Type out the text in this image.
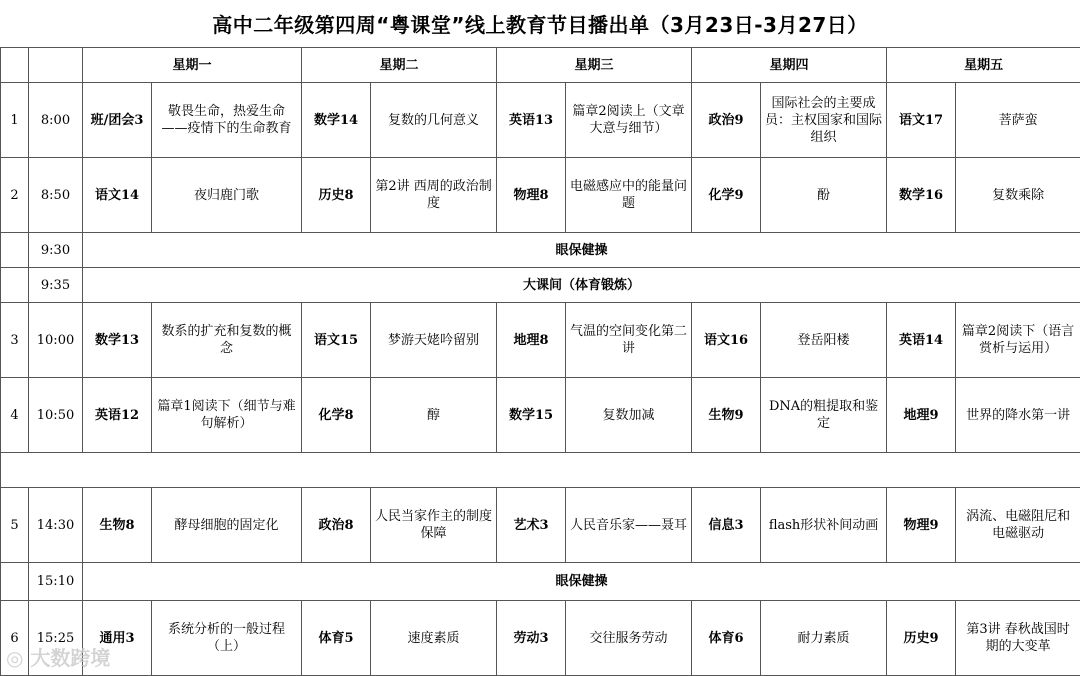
高中二年级第四周“粤课堂”线上教育节目播出单（3月23日-3月27日）
		星期一		星期二		星期三		星期四		星期五	
1	8:00	班/团会3	敬畏生命，热爱生命——疫情下的生命教育	数学14	复数的几何意义	英语13	篇章2阅读上（文章大意与细节）	政治9	国际社会的主要成员：主权国家和国际组织	语文17	菩萨蛮
2	8:50	语文14	夜归鹿门歌	历史8	第2讲 西周的政治制度	物理8	电磁感应中的能量问题	化学9	酚	数学16	复数乘除
	9:30	眼保健操									
	9:35	大课间（体育锻炼）									
3	10:00	数学13	数系的扩充和复数的概念	语文15	梦游天姥吟留别	地理8	气温的空间变化第二讲	语文16	登岳阳楼	英语14	篇章2阅读下（语言赏析与运用）
4	10:50	英语12	篇章1阅读下（细节与难句解析）	化学8	醇	数学15	复数加减	生物9	DNA的粗提取和鉴定	地理9	世界的降水第一讲

5	14:30	生物8	酵母细胞的固定化	政治8	人民当家作主的制度保障	艺术3	人民音乐家——聂耳	信息3	flash形状补间动画	物理9	涡流、电磁阻尼和电磁驱动
	15:10	眼保健操									
6	15:25	通用3	系统分析的一般过程（上）	体育5	速度素质	劳动3	交往服务劳动	体育6	耐力素质	历史9	第3讲 春秋战国时期的大变革
◎ 大数跨境
